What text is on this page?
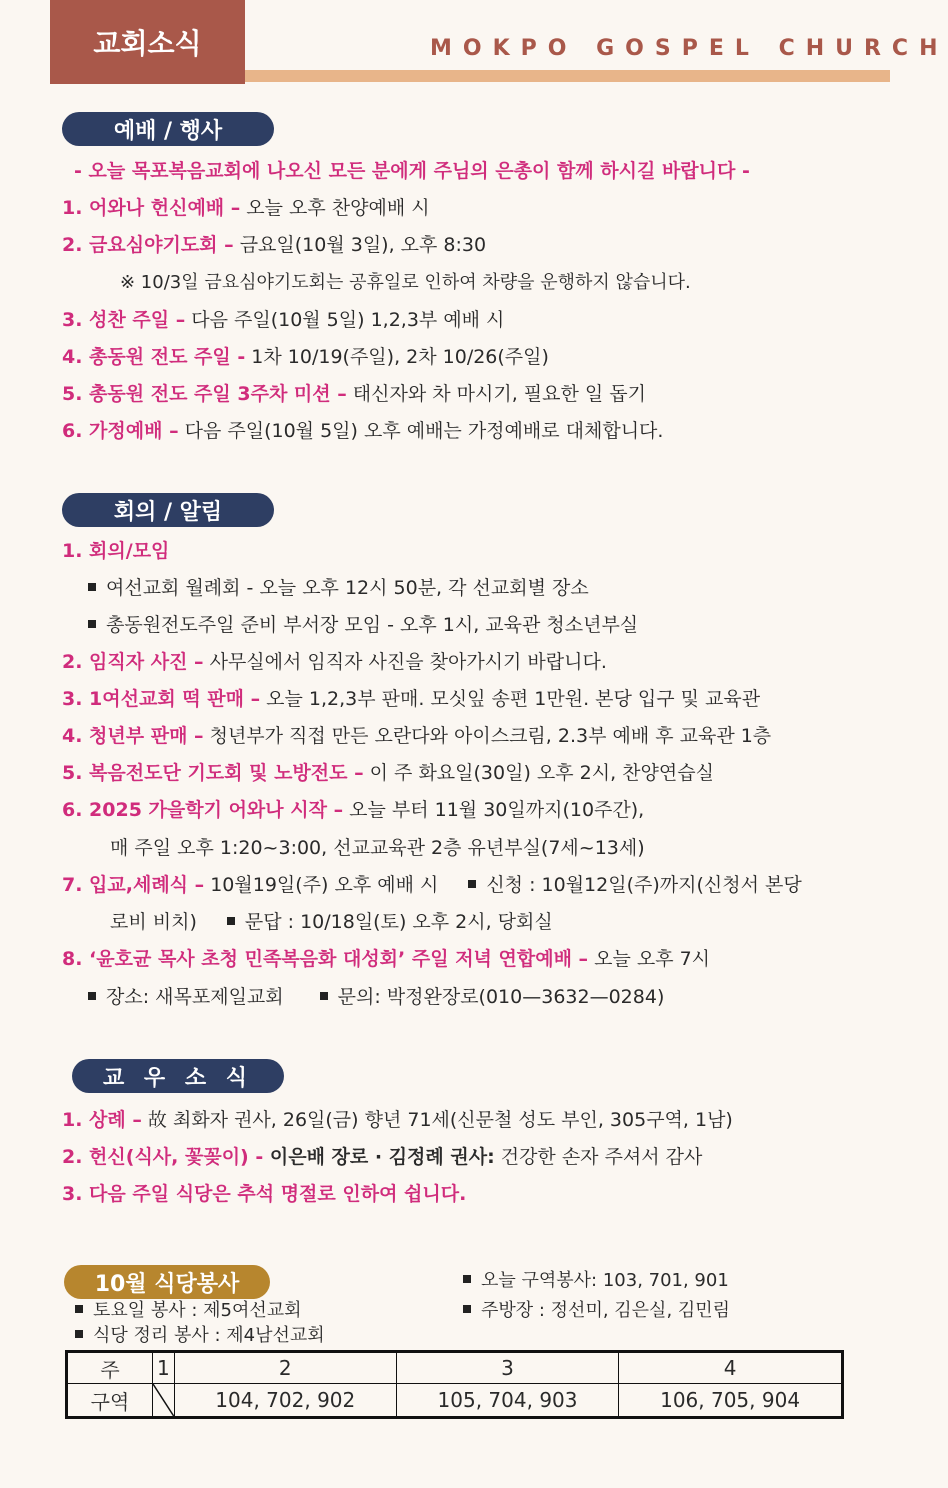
교회소식	MOKPO GOSPEL CHURCH
예배 / 행사
- 오늘 목포복음교회에 나오신 모든 분에게 주님의 은총이 함께 하시길 바랍니다 -
1. 어와나 헌신예배 – 오늘 오후 찬양예배 시
2. 금요심야기도회 – 금요일(10월 3일), 오후 8:30
※ 10/3일 금요심야기도회는 공휴일로 인하여 차량을 운행하지 않습니다.
3. 성찬 주일 – 다음 주일(10월 5일) 1,2,3부 예배 시
4. 총동원 전도 주일 - 1차 10/19(주일), 2차 10/26(주일)
5. 총동원 전도 주일 3주차 미션 – 태신자와 차 마시기, 필요한 일 돕기
6. 가정예배 – 다음 주일(10월 5일) 오후 예배는 가정예배로 대체합니다.
회의 / 알림
1. 회의/모임
여선교회 월례회 - 오늘 오후 12시 50분, 각 선교회별 장소
총동원전도주일 준비 부서장 모임 - 오후 1시, 교육관 청소년부실
2. 임직자 사진 – 사무실에서 임직자 사진을 찾아가시기 바랍니다.
3. 1여선교회 떡 판매 – 오늘 1,2,3부 판매. 모싯잎 송편 1만원. 본당 입구 및 교육관
4. 청년부 판매 – 청년부가 직접 만든 오란다와 아이스크림, 2.3부 예배 후 교육관 1층
5. 복음전도단 기도회 및 노방전도 – 이 주 화요일(30일) 오후 2시, 찬양연습실
6. 2025 가을학기 어와나 시작 – 오늘 부터 11월 30일까지(10주간),
매 주일 오후 1:20~3:00, 선교교육관 2층 유년부실(7세~13세)
7. 입교,세례식 – 10월19일(주) 오후 예배 시	신청 : 10월12일(주)까지(신청서 본당
로비 비치)	문답 : 10/18일(토) 오후 2시, 당회실
8. ‘윤호균 목사 초청 민족복음화 대성회’ 주일 저녁 연합예배 – 오늘 오후 7시
장소: 새목포제일교회	문의: 박정완장로(010—3632—0284)
교 우 소 식
1. 상례 – 故 최화자 권사, 26일(금) 향년 71세(신문철 성도 부인, 305구역, 1남)
2. 헌신(식사, 꽃꽂이) - 이은배 장로 · 김정례 권사: 건강한 손자 주셔서 감사
3. 다음 주일 식당은 추석 명절로 인하여 쉽니다.
10월 식당봉사
토요일 봉사 : 제5여선교회
식당 정리 봉사 : 제4남선교회
오늘 구역봉사: 103, 701, 901
주방장 : 정선미, 김은실, 김민림
주	1	2	3	4
구역		104, 702, 902	105, 704, 903	106, 705, 904
